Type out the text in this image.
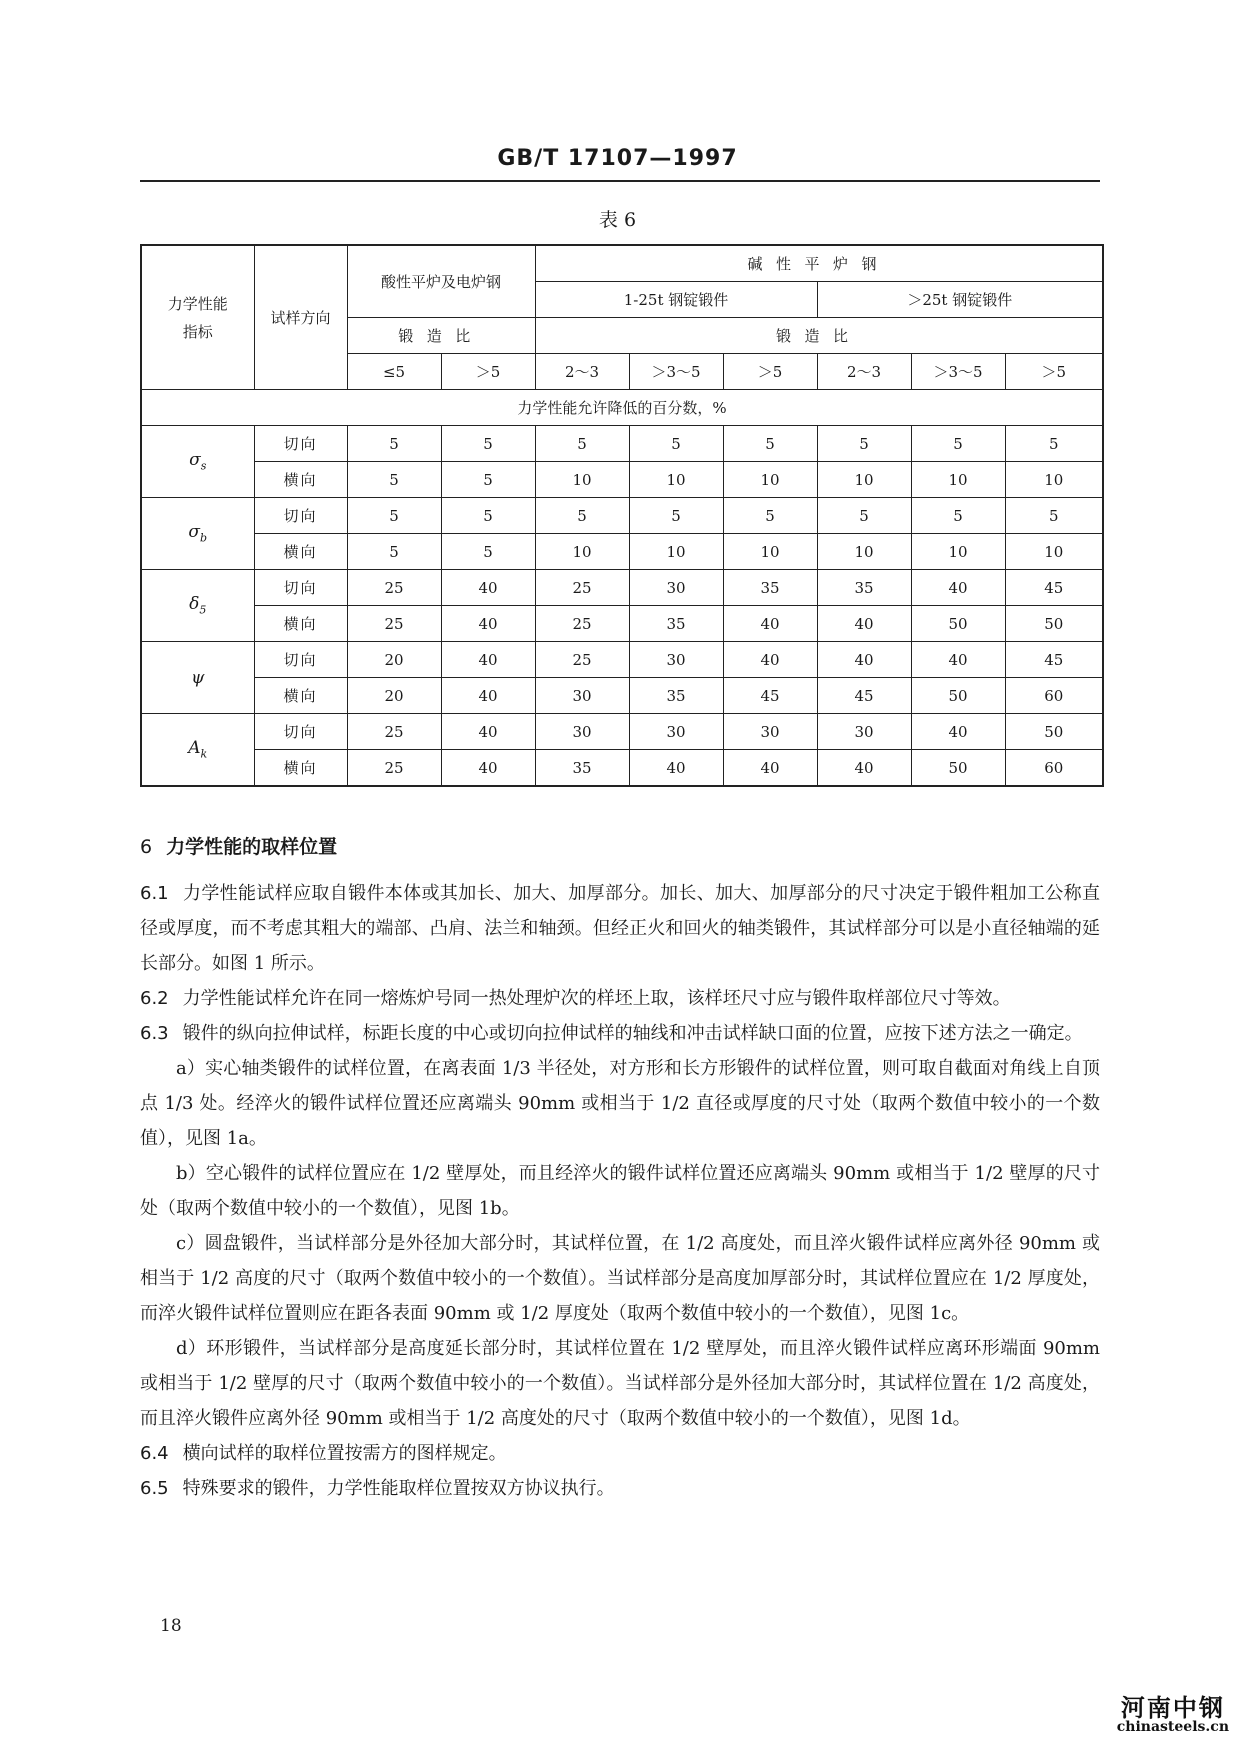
GB/T 17107—1997
表 6
力学性能指标	试样方向	酸性平炉及电炉钢		碱性平炉钢					
				1-25t 钢锭锻件			＞25t 钢锭锻件		
		锻造比		锻造比					
		≤5	＞5	2～3	＞3～5	＞5	2～3	＞3～5	＞5
力学性能允许降低的百分数，%									
$\sigma_s$	切向	5	5	5	5	5	5	5	5
	横向	5	5	10	10	10	10	10	10
$\sigma_b$	切向	5	5	5	5	5	5	5	5
	横向	5	5	10	10	10	10	10	10
$\delta_5$	切向	25	40	25	30	35	35	40	45
	横向	25	40	25	35	40	40	50	50
ψ	切向	20	40	25	30	40	40	40	45
	横向	20	40	30	35	45	45	50	60
$A_k$	切向	25	40	30	30	30	30	40	50
	横向	25	40	35	40	40	40	50	60
6 力学性能的取样位置

6.1 力学性能试样应取自锻件本体或其加长、加大、加厚部分。加长、加大、加厚部分的尺寸决定于锻件粗加工公称直径或厚度，而不考虑其粗大的端部、凸肩、法兰和轴颈。但经正火和回火的轴类锻件，其试样部分可以是小直径轴端的延长部分。如图 1 所示。

6.2 力学性能试样允许在同一熔炼炉号同一热处理炉次的样坯上取，该样坯尺寸应与锻件取样部位尺寸等效。

6.3 锻件的纵向拉伸试样，标距长度的中心或切向拉伸试样的轴线和冲击试样缺口面的位置，应按下述方法之一确定。

a）实心轴类锻件的试样位置，在离表面 1/3 半径处，对方形和长方形锻件的试样位置，则可取自截面对角线上自顶点 1/3 处。经淬火的锻件试样位置还应离端头 90mm 或相当于 1/2 直径或厚度的尺寸处（取两个数值中较小的一个数值），见图 1a。

b）空心锻件的试样位置应在 1/2 壁厚处，而且经淬火的锻件试样位置还应离端头 90mm 或相当于 1/2 壁厚的尺寸处（取两个数值中较小的一个数值），见图 1b。

c）圆盘锻件，当试样部分是外径加大部分时，其试样位置，在 1/2 高度处，而且淬火锻件试样应离外径 90mm 或相当于 1/2 高度的尺寸（取两个数值中较小的一个数值）。当试样部分是高度加厚部分时，其试样位置应在 1/2 厚度处，而淬火锻件试样位置则应在距各表面 90mm 或 1/2 厚度处（取两个数值中较小的一个数值），见图 1c。

d）环形锻件，当试样部分是高度延长部分时，其试样位置在 1/2 壁厚处，而且淬火锻件试样应离环形端面 90mm 或相当于 1/2 壁厚的尺寸（取两个数值中较小的一个数值）。当试样部分是外径加大部分时，其试样位置在 1/2 高度处，而且淬火锻件应离外径 90mm 或相当于 1/2 高度处的尺寸（取两个数值中较小的一个数值），见图 1d。

6.4 横向试样的取样位置按需方的图样规定。

6.5 特殊要求的锻件，力学性能取样位置按双方协议执行。

18
河南中钢
chinasteels.cn
